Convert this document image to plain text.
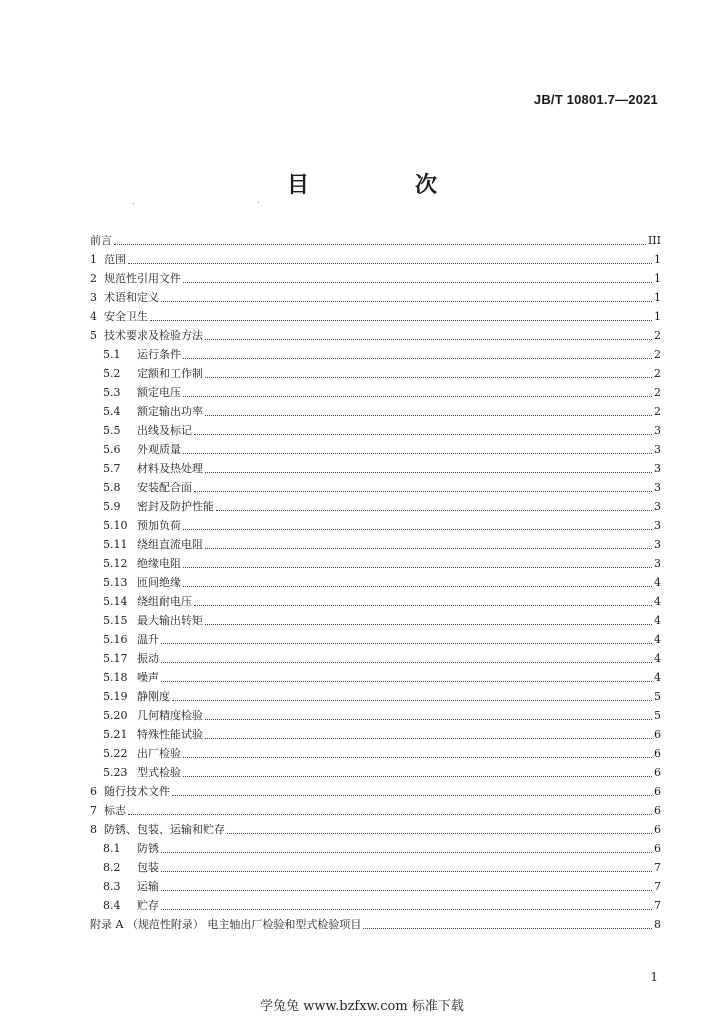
JB/T 10801.7—2021
目　次
前言	III
1 范围	1
2 规范性引用文件	1
3 术语和定义	1
4 安全卫生	1
5 技术要求及检验方法	2
5.1	运行条件	2
5.2	定额和工作制	2
5.3	额定电压	2
5.4	额定输出功率	2
5.5	出线及标记	3
5.6	外观质量	3
5.7	材料及热处理	3
5.8	安装配合面	3
5.9	密封及防护性能	3
5.10 预加负荷	3
5.11 绕组直流电阻	3
5.12 绝缘电阻	3
5.13 匝间绝缘	4
5.14 绕组耐电压	4
5.15 最大输出转矩	4
5.16 温升	4
5.17 振动	4
5.18 噪声	4
5.19 静刚度	5
5.20 几何精度检验	5
5.21 特殊性能试验	6
5.22 出厂检验	6
5.23 型式检验	6
6 随行技术文件	6
7 标志	6
8 防锈、包装、运输和贮存	6
8.1	防锈	6
8.2	包装	7
8.3	运输	7
8.4	贮存	7
附录 A （规范性附录） 电主轴出厂检验和型式检验项目	8
1
学兔兔 www.bzfxw.com 标准下载
